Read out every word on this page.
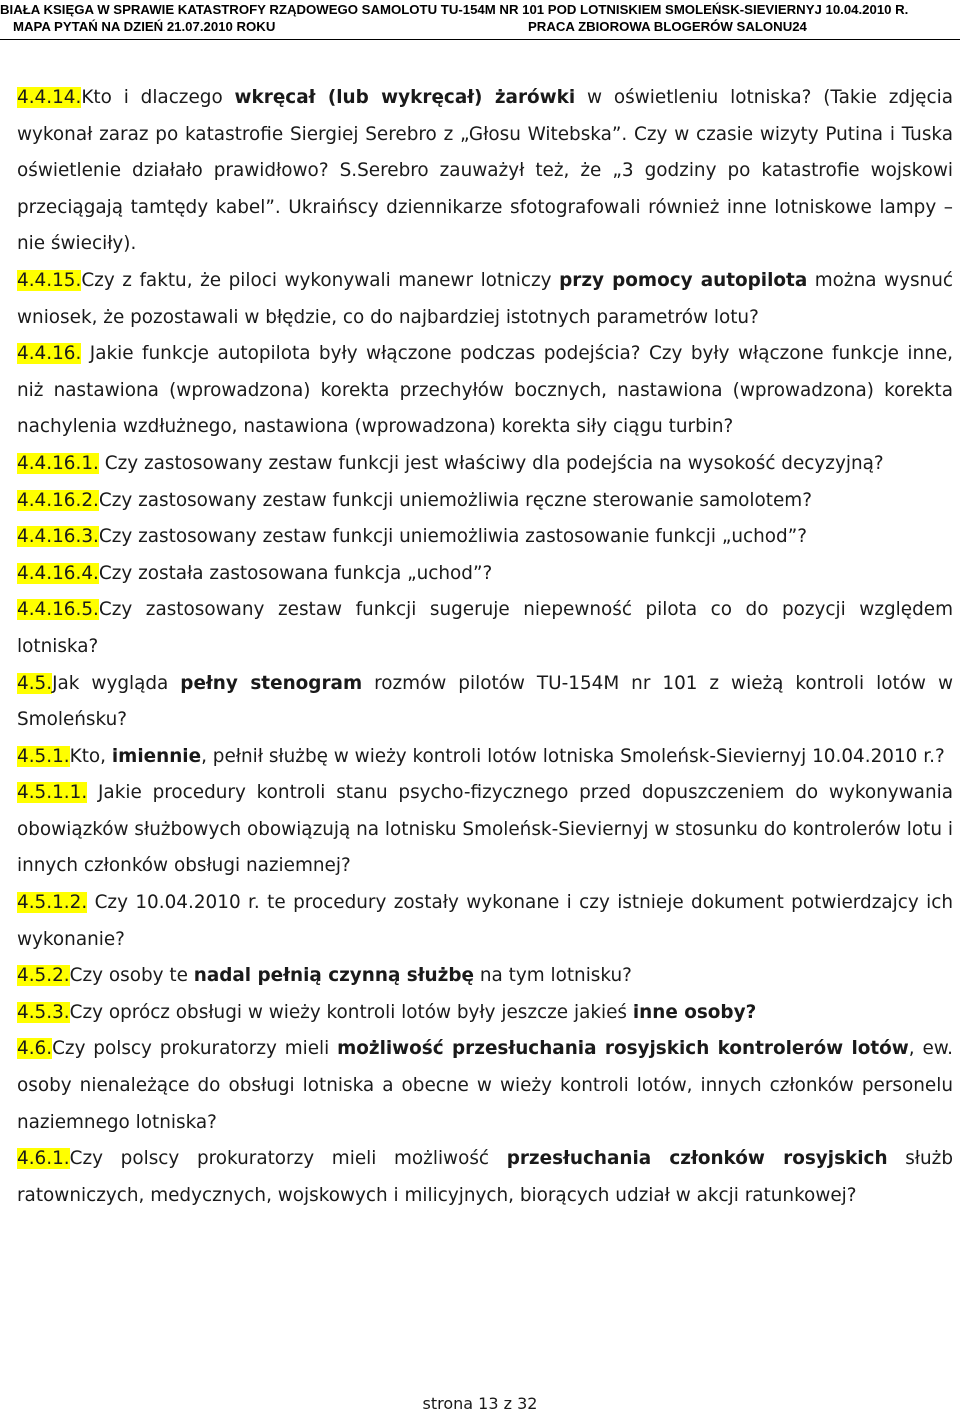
BIAŁA KSIĘGA W SPRAWIE KATASTROFY RZĄDOWEGO SAMOLOTU TU-154M NR 101 POD LOTNISKIEM SMOLEŃSK-SIEVIERNYJ 10.04.2010 R.
MAPA PYTAŃ NA DZIEŃ 21.07.2010 ROKU	PRACA ZBIOROWA BLOGERÓW SALONU24

4.4.14.Kto i dlaczego wkręcał (lub wykręcał) żarówki w oświetleniu lotniska? (Takie zdjęcia wykonał zaraz po katastrofie Siergiej Serebro z „Głosu Witebska”. Czy w czasie wizyty Putina i Tuska oświetlenie działało prawidłowo? S.Serebro zauważył też, że „3 godziny po katastrofie wojskowi przeciągają tamtędy kabel”. Ukraińscy dziennikarze sfotografowali również inne lotniskowe lampy – nie świeciły).

4.4.15.Czy z faktu, że piloci wykonywali manewr lotniczy przy pomocy autopilota można wysnuć wniosek, że pozostawali w błędzie, co do najbardziej istotnych parametrów lotu?

4.4.16. Jakie funkcje autopilota były włączone podczas podejścia? Czy były włączone funkcje inne, niż nastawiona (wprowadzona) korekta przechyłów bocznych, nastawiona (wprowadzona) korekta nachylenia wzdłużnego, nastawiona (wprowadzona) korekta siły ciągu turbin?

4.4.16.1. Czy zastosowany zestaw funkcji jest właściwy dla podejścia na wysokość decyzyjną?

4.4.16.2.Czy zastosowany zestaw funkcji uniemożliwia ręczne sterowanie samolotem?

4.4.16.3.Czy zastosowany zestaw funkcji uniemożliwia zastosowanie funkcji „uchod”?

4.4.16.4.Czy została zastosowana funkcja „uchod”?

4.4.16.5.Czy zastosowany zestaw funkcji sugeruje niepewność pilota co do pozycji względem lotniska?

4.5.Jak wygląda pełny stenogram rozmów pilotów TU-154M nr 101 z wieżą kontroli lotów w Smoleńsku?

4.5.1.Kto, imiennie, pełnił służbę w wieży kontroli lotów lotniska Smoleńsk-Sieviernyj 10.04.2010 r.?

4.5.1.1. Jakie procedury kontroli stanu psycho-fizycznego przed dopuszczeniem do wykonywania obowiązków służbowych obowiązują na lotnisku Smoleńsk-Sieviernyj w stosunku do kontrolerów lotu i innych członków obsługi naziemnej?

4.5.1.2. Czy 10.04.2010 r. te procedury zostały wykonane i czy istnieje dokument potwierdzajcy ich wykonanie?

4.5.2.Czy osoby te nadal pełnią czynną służbę na tym lotnisku?

4.5.3.Czy oprócz obsługi w wieży kontroli lotów były jeszcze jakieś inne osoby?

4.6.Czy polscy prokuratorzy mieli możliwość przesłuchania rosyjskich kontrolerów lotów, ew. osoby nienależące do obsługi lotniska a obecne w wieży kontroli lotów, innych członków personelu naziemnego lotniska?

4.6.1.Czy polscy prokuratorzy mieli możliwość przesłuchania członków rosyjskich służb ratowniczych, medycznych, wojskowych i milicyjnych, biorących udział w akcji ratunkowej?

strona 13 z 32
